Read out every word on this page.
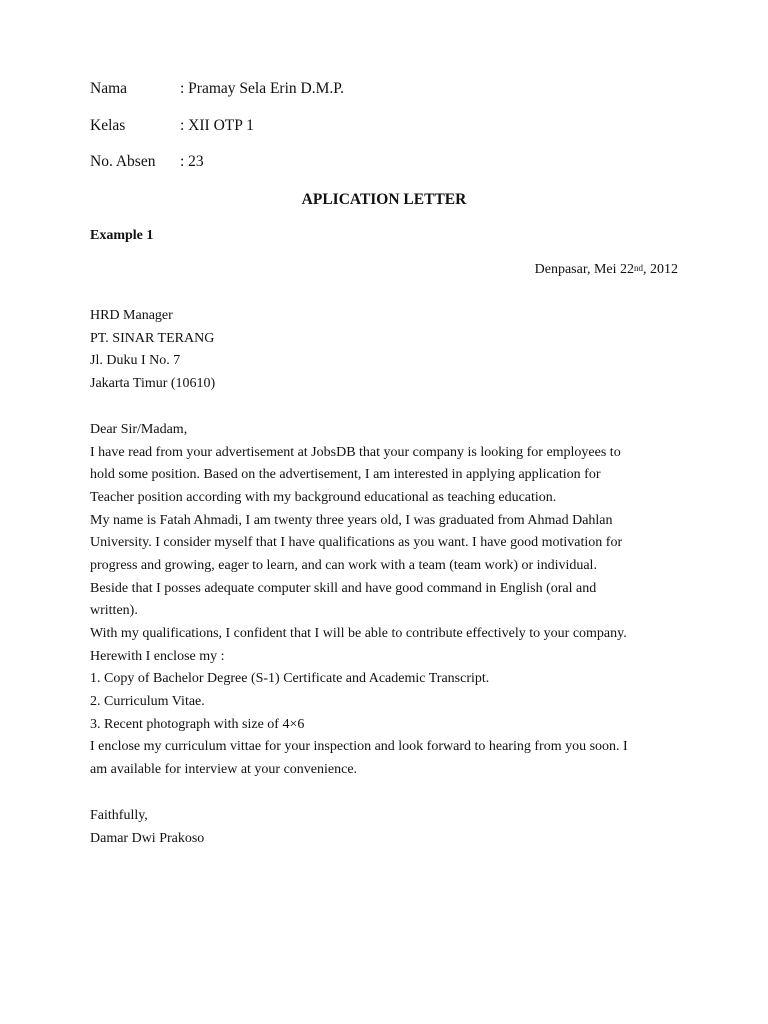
Nama	: Pramay Sela Erin D.M.P.
Kelas	: XII OTP 1
No. Absen : 23
APLICATION LETTER
Example 1
Denpasar, Mei 22nd, 2012
HRD Manager
PT. SINAR TERANG
Jl. Duku I No. 7
Jakarta Timur (10610)
Dear Sir/Madam,
I have read from your advertisement at JobsDB that your company is looking for employees to
hold some position. Based on the advertisement, I am interested in applying application for
Teacher position according with my background educational as teaching education.
My name is Fatah Ahmadi, I am twenty three years old, I was graduated from Ahmad Dahlan
University. I consider myself that I have qualifications as you want. I have good motivation for
progress and growing, eager to learn, and can work with a team (team work) or individual.
Beside that I posses adequate computer skill and have good command in English (oral and
written).
With my qualifications, I confident that I will be able to contribute effectively to your company.
Herewith I enclose my :
1. Copy of Bachelor Degree (S-1) Certificate and Academic Transcript.
2. Curriculum Vitae.
3. Recent photograph with size of 4×6
I enclose my curriculum vittae for your inspection and look forward to hearing from you soon. I
am available for interview at your convenience.
Faithfully,
Damar Dwi Prakoso
